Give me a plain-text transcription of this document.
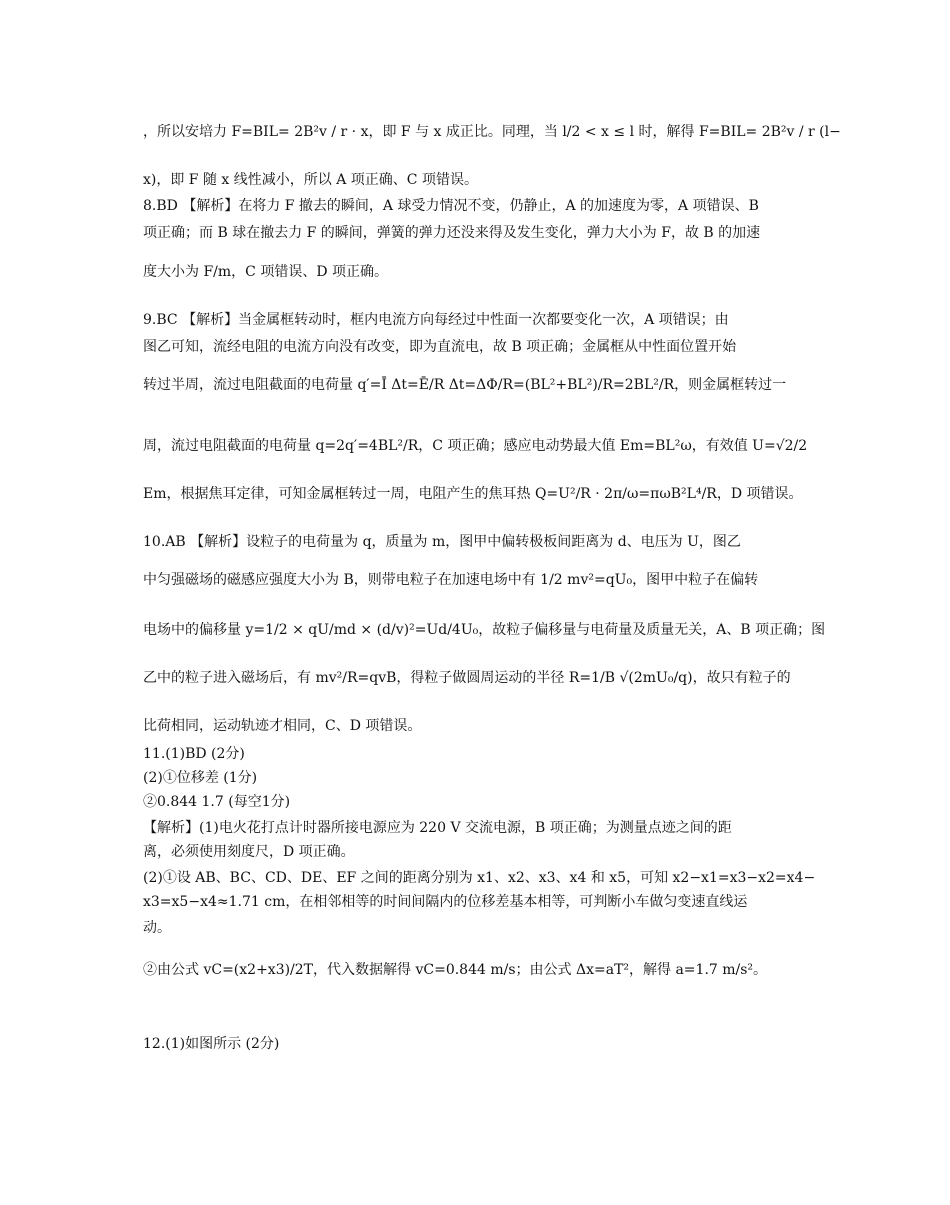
，所以安培力 F=BIL= 2B²v / r · x，即 F 与 x 成正比。同理，当 l/2 < x ≤ l 时，解得 F=BIL= 2B²v / r (l−
x)，即 F 随 x 线性减小，所以 A 项正确、C 项错误。
8.BD 【解析】在将力 F 撤去的瞬间，A 球受力情况不变，仍静止，A 的加速度为零，A 项错误、B
项正确；而 B 球在撤去力 F 的瞬间，弹簧的弹力还没来得及发生变化，弹力大小为 F，故 B 的加速
度大小为 F/m，C 项错误、D 项正确。
9.BC 【解析】当金属框转动时，框内电流方向每经过中性面一次都要变化一次，A 项错误；由
图乙可知，流经电阻的电流方向没有改变，即为直流电，故 B 项正确；金属框从中性面位置开始
转过半周，流过电阻截面的电荷量 q′=Ī Δt=Ē/R Δt=ΔΦ/R=(BL²+BL²)/R=2BL²/R，则金属框转过一
周，流过电阻截面的电荷量 q=2q′=4BL²/R，C 项正确；感应电动势最大值 Em=BL²ω，有效值 U=√2/2
Em，根据焦耳定律，可知金属框转过一周，电阻产生的焦耳热 Q=U²/R · 2π/ω=πωB²L⁴/R，D 项错误。
10.AB 【解析】设粒子的电荷量为 q，质量为 m，图甲中偏转极板间距离为 d、电压为 U，图乙
中匀强磁场的磁感应强度大小为 B，则带电粒子在加速电场中有 1/2 mv²=qU₀，图甲中粒子在偏转
电场中的偏移量 y=1/2 × qU/md × (d/v)²=Ud/4U₀，故粒子偏移量与电荷量及质量无关，A、B 项正确；图
乙中的粒子进入磁场后，有 mv²/R=qvB，得粒子做圆周运动的半径 R=1/B √(2mU₀/q)，故只有粒子的
比荷相同，运动轨迹才相同，C、D 项错误。
11.(1)BD (2分)
(2)①位移差 (1分)
②0.844 1.7 (每空1分)
【解析】(1)电火花打点计时器所接电源应为 220 V 交流电源，B 项正确；为测量点迹之间的距
离，必须使用刻度尺，D 项正确。
(2)①设 AB、BC、CD、DE、EF 之间的距离分别为 x1、x2、x3、x4 和 x5，可知 x2−x1=x3−x2=x4−
x3=x5−x4≈1.71 cm，在相邻相等的时间间隔内的位移差基本相等，可判断小车做匀变速直线运
动。
②由公式 vC=(x2+x3)/2T，代入数据解得 vC=0.844 m/s；由公式 Δx=aT²，解得 a=1.7 m/s²。
12.(1)如图所示 (2分)
